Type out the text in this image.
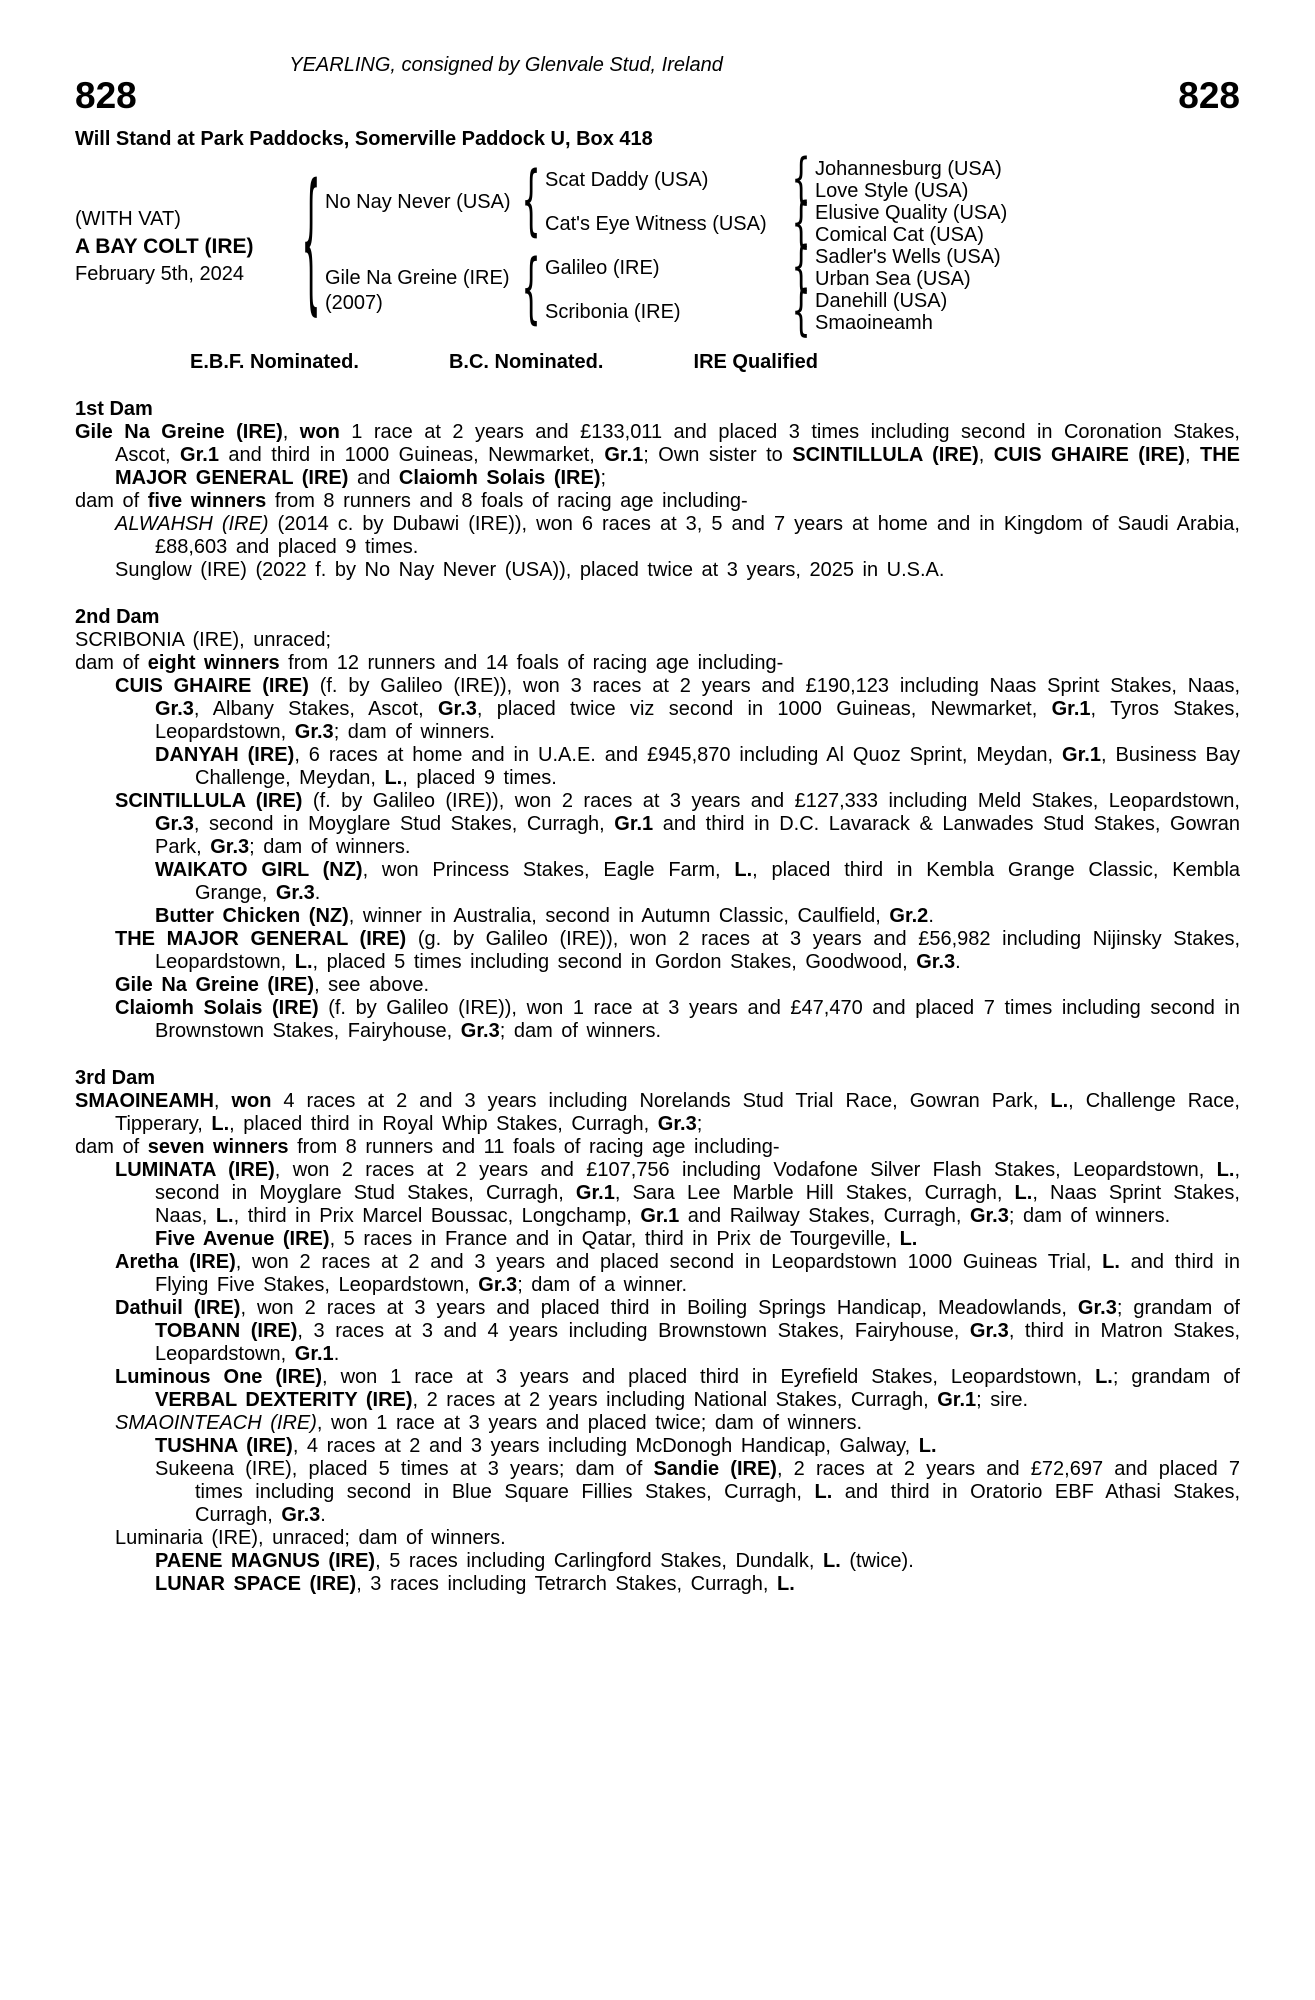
YEARLING, consigned by Glenvale Stud, Ireland
828	828
Will Stand at Park Paddocks, Somerville Paddock U, Box 418
(WITH VAT)
A BAY COLT (IRE)
February 5th, 2024
{
No Nay Never (USA)
Gile Na Greine (IRE)
(2007)
{
{
Scat Daddy (USA)
Cat's Eye Witness (USA)
Galileo (IRE)
Scribonia (IRE)
{
{
{
{
Johannesburg (USA)
Love Style (USA)
Elusive Quality (USA)
Comical Cat (USA)
Sadler's Wells (USA)
Urban Sea (USA)
Danehill (USA)
Smaoineamh
E.B.F. Nominated.	B.C. Nominated.	IRE Qualified
1st Dam

Gile Na Greine (IRE), won 1 race at 2 years and £133,011 and placed 3 times including second in Coronation Stakes, Ascot, Gr.1 and third in 1000 Guineas, Newmarket, Gr.1; Own sister to SCINTILLULA (IRE), CUIS GHAIRE (IRE), THE MAJOR GENERAL (IRE) and Claiomh Solais (IRE);

dam of five winners from 8 runners and 8 foals of racing age including-

ALWAHSH (IRE) (2014 c. by Dubawi (IRE)), won 6 races at 3, 5 and 7 years at home and in Kingdom of Saudi Arabia, £88,603 and placed 9 times.

Sunglow (IRE) (2022 f. by No Nay Never (USA)), placed twice at 3 years, 2025 in U.S.A.

2nd Dam

SCRIBONIA (IRE), unraced;

dam of eight winners from 12 runners and 14 foals of racing age including-

CUIS GHAIRE (IRE) (f. by Galileo (IRE)), won 3 races at 2 years and £190,123 including Naas Sprint Stakes, Naas, Gr.3, Albany Stakes, Ascot, Gr.3, placed twice viz second in 1000 Guineas, Newmarket, Gr.1, Tyros Stakes, Leopardstown, Gr.3; dam of winners.

DANYAH (IRE), 6 races at home and in U.A.E. and £945,870 including Al Quoz Sprint, Meydan, Gr.1, Business Bay Challenge, Meydan, L., placed 9 times.

SCINTILLULA (IRE) (f. by Galileo (IRE)), won 2 races at 3 years and £127,333 including Meld Stakes, Leopardstown, Gr.3, second in Moyglare Stud Stakes, Curragh, Gr.1 and third in D.C. Lavarack & Lanwades Stud Stakes, Gowran Park, Gr.3; dam of winners.

WAIKATO GIRL (NZ), won Princess Stakes, Eagle Farm, L., placed third in Kembla Grange Classic, Kembla Grange, Gr.3.

Butter Chicken (NZ), winner in Australia, second in Autumn Classic, Caulfield, Gr.2.

THE MAJOR GENERAL (IRE) (g. by Galileo (IRE)), won 2 races at 3 years and £56,982 including Nijinsky Stakes, Leopardstown, L., placed 5 times including second in Gordon Stakes, Goodwood, Gr.3.

Gile Na Greine (IRE), see above.

Claiomh Solais (IRE) (f. by Galileo (IRE)), won 1 race at 3 years and £47,470 and placed 7 times including second in Brownstown Stakes, Fairyhouse, Gr.3; dam of winners.

3rd Dam

SMAOINEAMH, won 4 races at 2 and 3 years including Norelands Stud Trial Race, Gowran Park, L., Challenge Race, Tipperary, L., placed third in Royal Whip Stakes, Curragh, Gr.3;

dam of seven winners from 8 runners and 11 foals of racing age including-

LUMINATA (IRE), won 2 races at 2 years and £107,756 including Vodafone Silver Flash Stakes, Leopardstown, L., second in Moyglare Stud Stakes, Curragh, Gr.1, Sara Lee Marble Hill Stakes, Curragh, L., Naas Sprint Stakes, Naas, L., third in Prix Marcel Boussac, Longchamp, Gr.1 and Railway Stakes, Curragh, Gr.3; dam of winners.

Five Avenue (IRE), 5 races in France and in Qatar, third in Prix de Tourgeville, L.

Aretha (IRE), won 2 races at 2 and 3 years and placed second in Leopardstown 1000 Guineas Trial, L. and third in Flying Five Stakes, Leopardstown, Gr.3; dam of a winner.

Dathuil (IRE), won 2 races at 3 years and placed third in Boiling Springs Handicap, Meadowlands, Gr.3; grandam of TOBANN (IRE), 3 races at 3 and 4 years including Brownstown Stakes, Fairyhouse, Gr.3, third in Matron Stakes, Leopardstown, Gr.1.

Luminous One (IRE), won 1 race at 3 years and placed third in Eyrefield Stakes, Leopardstown, L.; grandam of VERBAL DEXTERITY (IRE), 2 races at 2 years including National Stakes, Curragh, Gr.1; sire.

SMAOINTEACH (IRE), won 1 race at 3 years and placed twice; dam of winners.

TUSHNA (IRE), 4 races at 2 and 3 years including McDonogh Handicap, Galway, L.

Sukeena (IRE), placed 5 times at 3 years; dam of Sandie (IRE), 2 races at 2 years and £72,697 and placed 7 times including second in Blue Square Fillies Stakes, Curragh, L. and third in Oratorio EBF Athasi Stakes, Curragh, Gr.3.

Luminaria (IRE), unraced; dam of winners.

PAENE MAGNUS (IRE), 5 races including Carlingford Stakes, Dundalk, L. (twice).

LUNAR SPACE (IRE), 3 races including Tetrarch Stakes, Curragh, L.
